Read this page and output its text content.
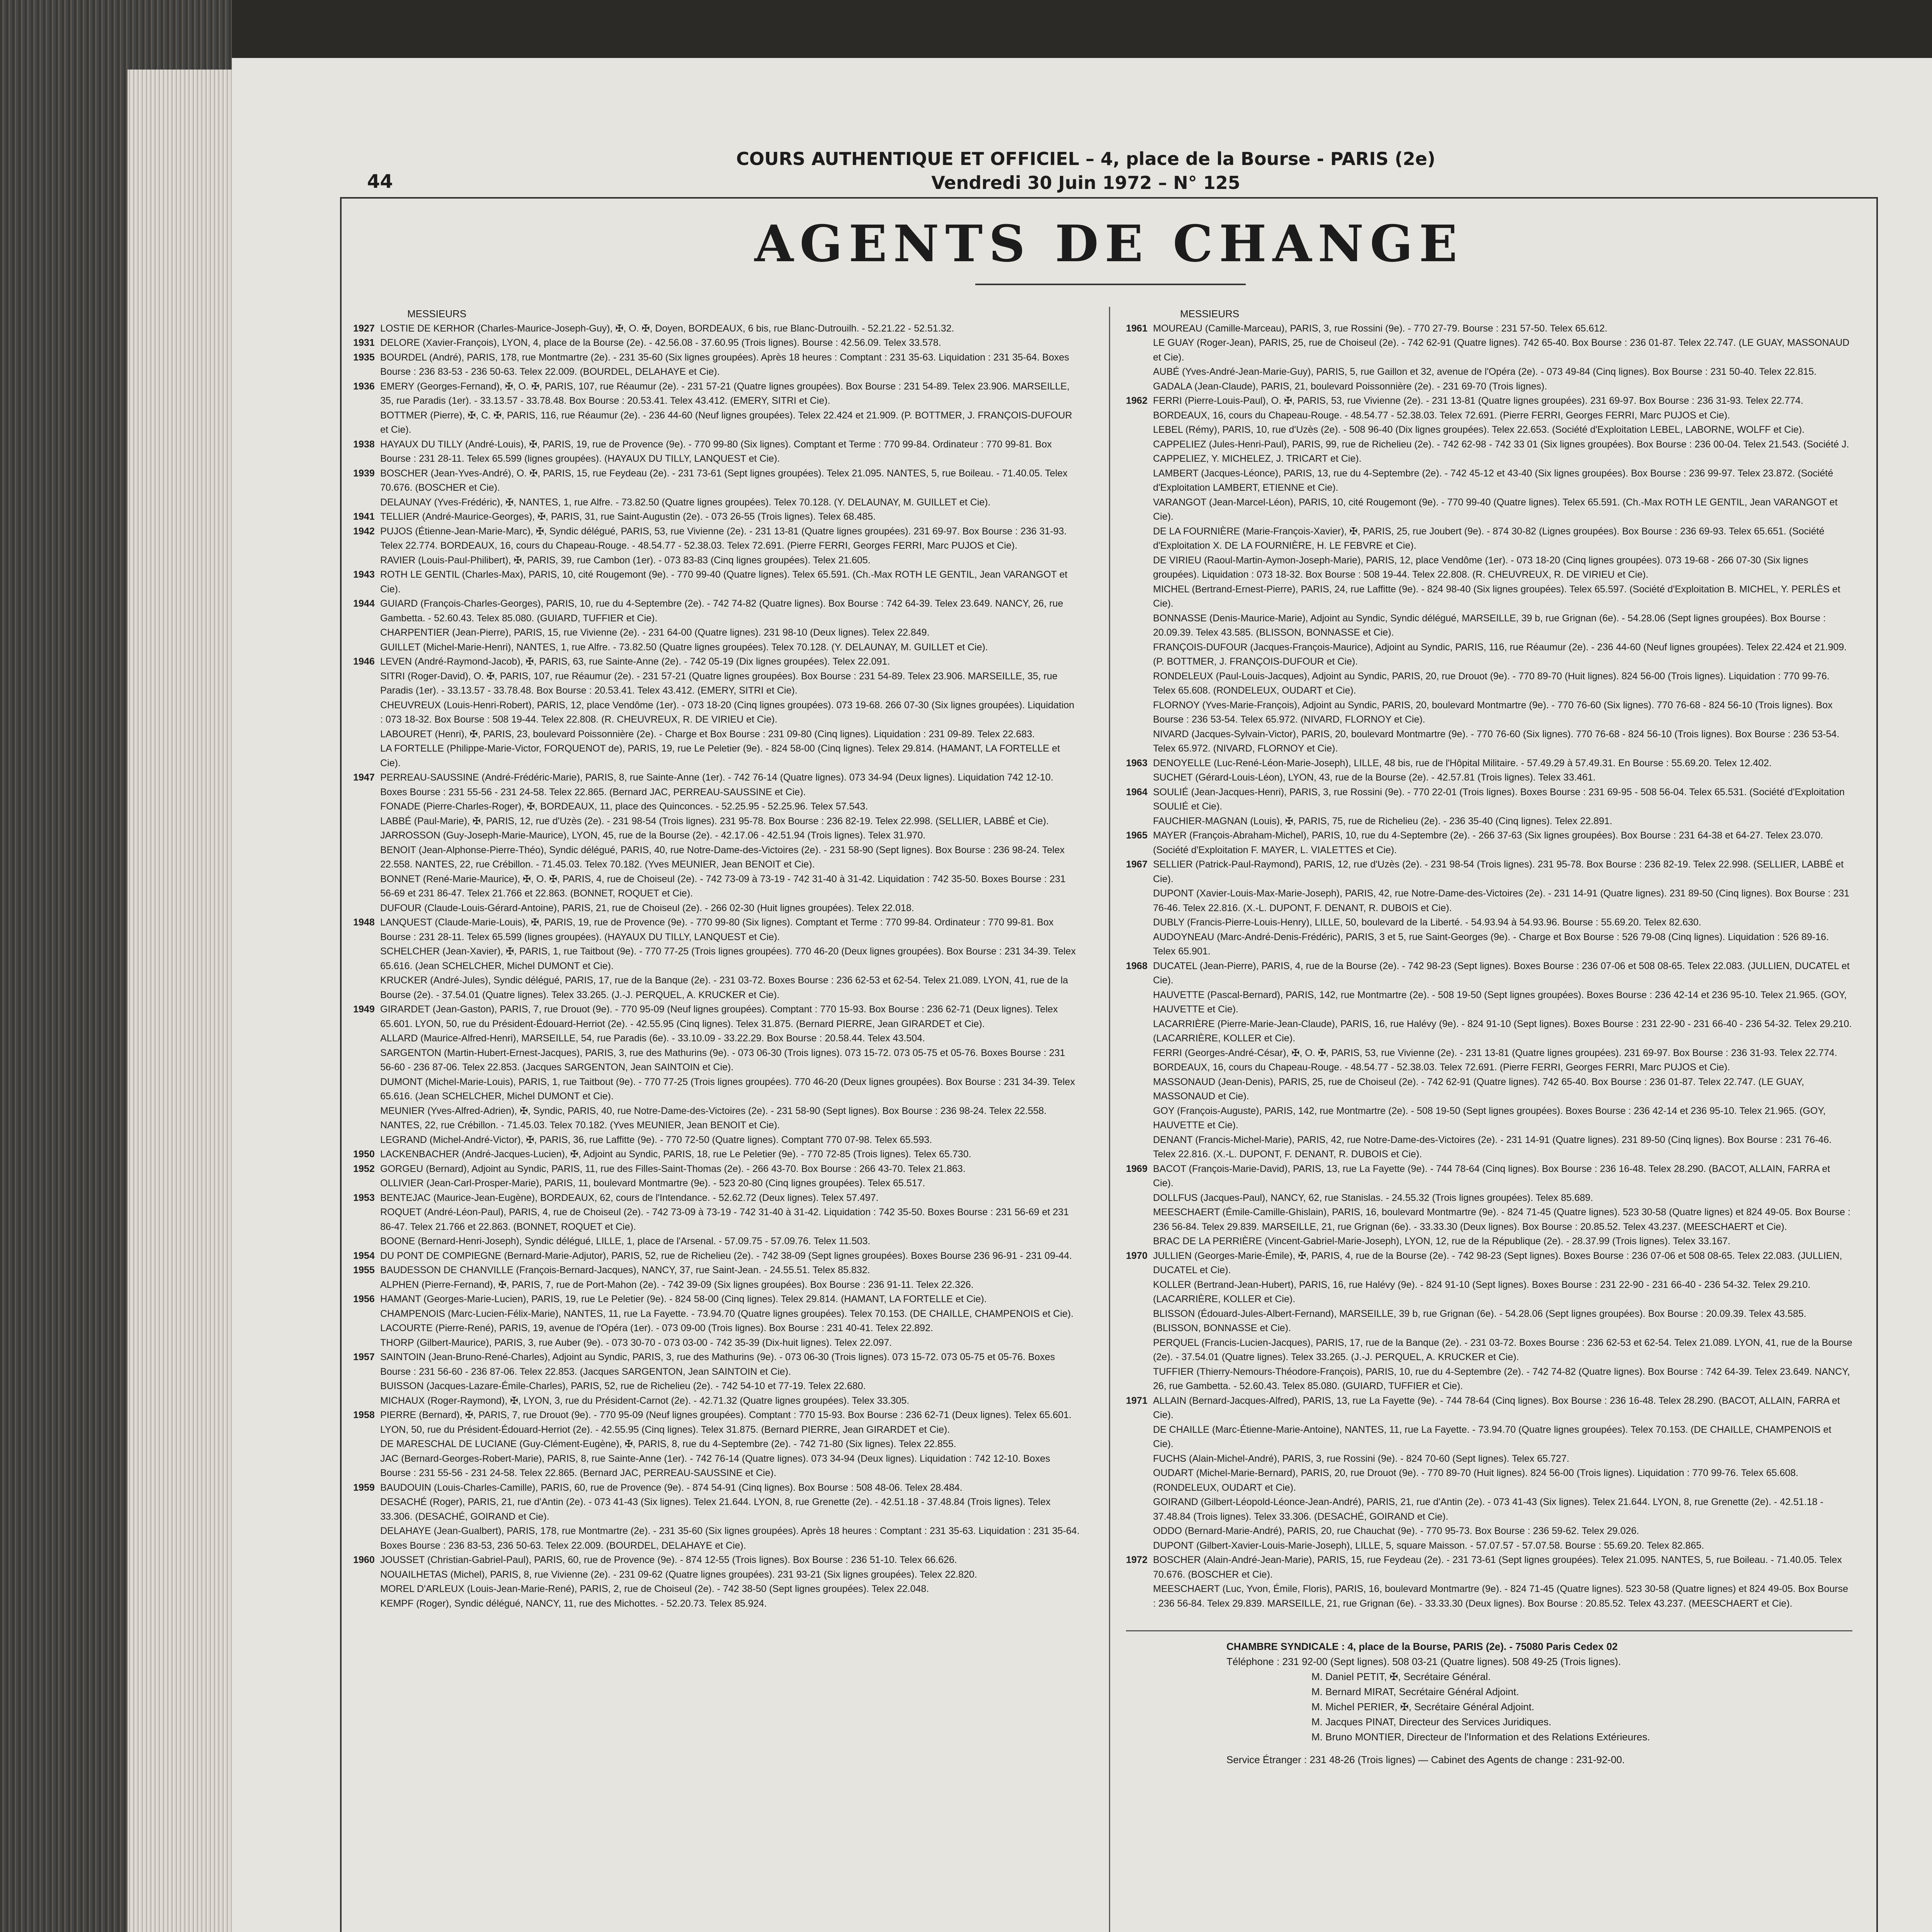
COURS AUTHENTIQUE ET OFFICIEL – 4, place de la Bourse - PARIS (2e)
Vendredi 30 Juin 1972 – N° 125
44
AGENTS DE CHANGE
MESSIEURS
1927 LOSTIE DE KERHOR (Charles-Maurice-Joseph-Guy), ✠, O. ✠, Doyen, BORDEAUX, 6 bis, rue Blanc-Dutrouilh. - 52.21.22 - 52.51.32.
1931 DELORE (Xavier-François), LYON, 4, place de la Bourse (2e). - 42.56.08 - 37.60.95 (Trois lignes). Bourse : 42.56.09. Telex 33.578.
1935 BOURDEL (André), PARIS, 178, rue Montmartre (2e). - 231 35-60 (Six lignes groupées). Après 18 heures : Comptant : 231 35-63. Liquidation : 231 35-64. Boxes Bourse : 236 83-53 - 236 50-63. Telex 22.009. (BOURDEL, DELAHAYE et Cie).
1936 EMERY (Georges-Fernand), ✠, O. ✠, PARIS, 107, rue Réaumur (2e). - 231 57-21 (Quatre lignes groupées). Box Bourse : 231 54-89. Telex 23.906. MARSEILLE, 35, rue Paradis (1er). - 33.13.57 - 33.78.48. Box Bourse : 20.53.41. Telex 43.412. (EMERY, SITRI et Cie).
BOTTMER (Pierre), ✠, C. ✠, PARIS, 116, rue Réaumur (2e). - 236 44-60 (Neuf lignes groupées). Telex 22.424 et 21.909. (P. BOTTMER, J. FRANÇOIS-DUFOUR et Cie).
1938 HAYAUX DU TILLY (André-Louis), ✠, PARIS, 19, rue de Provence (9e). - 770 99-80 (Six lignes). Comptant et Terme : 770 99-84. Ordinateur : 770 99-81. Box Bourse : 231 28-11. Telex 65.599 (lignes groupées). (HAYAUX DU TILLY, LANQUEST et Cie).
1939 BOSCHER (Jean-Yves-André), O. ✠, PARIS, 15, rue Feydeau (2e). - 231 73-61 (Sept lignes groupées). Telex 21.095. NANTES, 5, rue Boileau. - 71.40.05. Telex 70.676. (BOSCHER et Cie).
DELAUNAY (Yves-Frédéric), ✠, NANTES, 1, rue Alfre. - 73.82.50 (Quatre lignes groupées). Telex 70.128. (Y. DELAUNAY, M. GUILLET et Cie).
1941 TELLIER (André-Maurice-Georges), ✠, PARIS, 31, rue Saint-Augustin (2e). - 073 26-55 (Trois lignes). Telex 68.485.
1942 PUJOS (Étienne-Jean-Marie-Marc), ✠, Syndic délégué, PARIS, 53, rue Vivienne (2e). - 231 13-81 (Quatre lignes groupées). 231 69-97. Box Bourse : 236 31-93. Telex 22.774. BORDEAUX, 16, cours du Chapeau-Rouge. - 48.54.77 - 52.38.03. Telex 72.691. (Pierre FERRI, Georges FERRI, Marc PUJOS et Cie).
RAVIER (Louis-Paul-Philibert), ✠, PARIS, 39, rue Cambon (1er). - 073 83-83 (Cinq lignes groupées). Telex 21.605.
1943 ROTH LE GENTIL (Charles-Max), PARIS, 10, cité Rougemont (9e). - 770 99-40 (Quatre lignes). Telex 65.591. (Ch.-Max ROTH LE GENTIL, Jean VARANGOT et Cie).
1944 GUIARD (François-Charles-Georges), PARIS, 10, rue du 4-Septembre (2e). - 742 74-82 (Quatre lignes). Box Bourse : 742 64-39. Telex 23.649. NANCY, 26, rue Gambetta. - 52.60.43. Telex 85.080. (GUIARD, TUFFIER et Cie).
CHARPENTIER (Jean-Pierre), PARIS, 15, rue Vivienne (2e). - 231 64-00 (Quatre lignes). 231 98-10 (Deux lignes). Telex 22.849.
GUILLET (Michel-Marie-Henri), NANTES, 1, rue Alfre. - 73.82.50 (Quatre lignes groupées). Telex 70.128. (Y. DELAUNAY, M. GUILLET et Cie).
1946 LEVEN (André-Raymond-Jacob), ✠, PARIS, 63, rue Sainte-Anne (2e). - 742 05-19 (Dix lignes groupées). Telex 22.091.
SITRI (Roger-David), O. ✠, PARIS, 107, rue Réaumur (2e). - 231 57-21 (Quatre lignes groupées). Box Bourse : 231 54-89. Telex 23.906. MARSEILLE, 35, rue Paradis (1er). - 33.13.57 - 33.78.48. Box Bourse : 20.53.41. Telex 43.412. (EMERY, SITRI et Cie).
CHEUVREUX (Louis-Henri-Robert), PARIS, 12, place Vendôme (1er). - 073 18-20 (Cinq lignes groupées). 073 19-68. 266 07-30 (Six lignes groupées). Liquidation : 073 18-32. Box Bourse : 508 19-44. Telex 22.808. (R. CHEUVREUX, R. DE VIRIEU et Cie).
LABOURET (Henri), ✠, PARIS, 23, boulevard Poissonnière (2e). - Charge et Box Bourse : 231 09-80 (Cinq lignes). Liquidation : 231 09-89. Telex 22.683.
LA FORTELLE (Philippe-Marie-Victor, FORQUENOT de), PARIS, 19, rue Le Peletier (9e). - 824 58-00 (Cinq lignes). Telex 29.814. (HAMANT, LA FORTELLE et Cie).
1947 PERREAU-SAUSSINE (André-Frédéric-Marie), PARIS, 8, rue Sainte-Anne (1er). - 742 76-14 (Quatre lignes). 073 34-94 (Deux lignes). Liquidation 742 12-10. Boxes Bourse : 231 55-56 - 231 24-58. Telex 22.865. (Bernard JAC, PERREAU-SAUSSINE et Cie).
FONADE (Pierre-Charles-Roger), ✠, BORDEAUX, 11, place des Quinconces. - 52.25.95 - 52.25.96. Telex 57.543.
LABBÉ (Paul-Marie), ✠, PARIS, 12, rue d'Uzès (2e). - 231 98-54 (Trois lignes). 231 95-78. Box Bourse : 236 82-19. Telex 22.998. (SELLIER, LABBÉ et Cie).
JARROSSON (Guy-Joseph-Marie-Maurice), LYON, 45, rue de la Bourse (2e). - 42.17.06 - 42.51.94 (Trois lignes). Telex 31.970.
BENOIT (Jean-Alphonse-Pierre-Théo), Syndic délégué, PARIS, 40, rue Notre-Dame-des-Victoires (2e). - 231 58-90 (Sept lignes). Box Bourse : 236 98-24. Telex 22.558. NANTES, 22, rue Crébillon. - 71.45.03. Telex 70.182. (Yves MEUNIER, Jean BENOIT et Cie).
BONNET (René-Marie-Maurice), ✠, O. ✠, PARIS, 4, rue de Choiseul (2e). - 742 73-09 à 73-19 - 742 31-40 à 31-42. Liquidation : 742 35-50. Boxes Bourse : 231 56-69 et 231 86-47. Telex 21.766 et 22.863. (BONNET, ROQUET et Cie).
DUFOUR (Claude-Louis-Gérard-Antoine), PARIS, 21, rue de Choiseul (2e). - 266 02-30 (Huit lignes groupées). Telex 22.018.
1948 LANQUEST (Claude-Marie-Louis), ✠, PARIS, 19, rue de Provence (9e). - 770 99-80 (Six lignes). Comptant et Terme : 770 99-84. Ordinateur : 770 99-81. Box Bourse : 231 28-11. Telex 65.599 (lignes groupées). (HAYAUX DU TILLY, LANQUEST et Cie).
SCHELCHER (Jean-Xavier), ✠, PARIS, 1, rue Taitbout (9e). - 770 77-25 (Trois lignes groupées). 770 46-20 (Deux lignes groupées). Box Bourse : 231 34-39. Telex 65.616. (Jean SCHELCHER, Michel DUMONT et Cie).
KRUCKER (André-Jules), Syndic délégué, PARIS, 17, rue de la Banque (2e). - 231 03-72. Boxes Bourse : 236 62-53 et 62-54. Telex 21.089. LYON, 41, rue de la Bourse (2e). - 37.54.01 (Quatre lignes). Telex 33.265. (J.-J. PERQUEL, A. KRUCKER et Cie).
1949 GIRARDET (Jean-Gaston), PARIS, 7, rue Drouot (9e). - 770 95-09 (Neuf lignes groupées). Comptant : 770 15-93. Box Bourse : 236 62-71 (Deux lignes). Telex 65.601. LYON, 50, rue du Président-Édouard-Herriot (2e). - 42.55.95 (Cinq lignes). Telex 31.875. (Bernard PIERRE, Jean GIRARDET et Cie).
ALLARD (Maurice-Alfred-Henri), MARSEILLE, 54, rue Paradis (6e). - 33.10.09 - 33.22.29. Box Bourse : 20.58.44. Telex 43.504.
SARGENTON (Martin-Hubert-Ernest-Jacques), PARIS, 3, rue des Mathurins (9e). - 073 06-30 (Trois lignes). 073 15-72. 073 05-75 et 05-76. Boxes Bourse : 231 56-60 - 236 87-06. Telex 22.853. (Jacques SARGENTON, Jean SAINTOIN et Cie).
DUMONT (Michel-Marie-Louis), PARIS, 1, rue Taitbout (9e). - 770 77-25 (Trois lignes groupées). 770 46-20 (Deux lignes groupées). Box Bourse : 231 34-39. Telex 65.616. (Jean SCHELCHER, Michel DUMONT et Cie).
MEUNIER (Yves-Alfred-Adrien), ✠, Syndic, PARIS, 40, rue Notre-Dame-des-Victoires (2e). - 231 58-90 (Sept lignes). Box Bourse : 236 98-24. Telex 22.558. NANTES, 22, rue Crébillon. - 71.45.03. Telex 70.182. (Yves MEUNIER, Jean BENOIT et Cie).
LEGRAND (Michel-André-Victor), ✠, PARIS, 36, rue Laffitte (9e). - 770 72-50 (Quatre lignes). Comptant 770 07-98. Telex 65.593.
1950 LACKENBACHER (André-Jacques-Lucien), ✠, Adjoint au Syndic, PARIS, 18, rue Le Peletier (9e). - 770 72-85 (Trois lignes). Telex 65.730.
1952 GORGEU (Bernard), Adjoint au Syndic, PARIS, 11, rue des Filles-Saint-Thomas (2e). - 266 43-70. Box Bourse : 266 43-70. Telex 21.863.
OLLIVIER (Jean-Carl-Prosper-Marie), PARIS, 11, boulevard Montmartre (9e). - 523 20-80 (Cinq lignes groupées). Telex 65.517.
1953 BENTEJAC (Maurice-Jean-Eugène), BORDEAUX, 62, cours de l'Intendance. - 52.62.72 (Deux lignes). Telex 57.497.
ROQUET (André-Léon-Paul), PARIS, 4, rue de Choiseul (2e). - 742 73-09 à 73-19 - 742 31-40 à 31-42. Liquidation : 742 35-50. Boxes Bourse : 231 56-69 et 231 86-47. Telex 21.766 et 22.863. (BONNET, ROQUET et Cie).
BOONE (Bernard-Henri-Joseph), Syndic délégué, LILLE, 1, place de l'Arsenal. - 57.09.75 - 57.09.76. Telex 11.503.
1954 DU PONT DE COMPIEGNE (Bernard-Marie-Adjutor), PARIS, 52, rue de Richelieu (2e). - 742 38-09 (Sept lignes groupées). Boxes Bourse 236 96-91 - 231 09-44.
1955 BAUDESSON DE CHANVILLE (François-Bernard-Jacques), NANCY, 37, rue Saint-Jean. - 24.55.51. Telex 85.832.
ALPHEN (Pierre-Fernand), ✠, PARIS, 7, rue de Port-Mahon (2e). - 742 39-09 (Six lignes groupées). Box Bourse : 236 91-11. Telex 22.326.
1956 HAMANT (Georges-Marie-Lucien), PARIS, 19, rue Le Peletier (9e). - 824 58-00 (Cinq lignes). Telex 29.814. (HAMANT, LA FORTELLE et Cie).
CHAMPENOIS (Marc-Lucien-Félix-Marie), NANTES, 11, rue La Fayette. - 73.94.70 (Quatre lignes groupées). Telex 70.153. (DE CHAILLE, CHAMPENOIS et Cie).
LACOURTE (Pierre-René), PARIS, 19, avenue de l'Opéra (1er). - 073 09-00 (Trois lignes). Box Bourse : 231 40-41. Telex 22.892.
THORP (Gilbert-Maurice), PARIS, 3, rue Auber (9e). - 073 30-70 - 073 03-00 - 742 35-39 (Dix-huit lignes). Telex 22.097.
1957 SAINTOIN (Jean-Bruno-René-Charles), Adjoint au Syndic, PARIS, 3, rue des Mathurins (9e). - 073 06-30 (Trois lignes). 073 15-72. 073 05-75 et 05-76. Boxes Bourse : 231 56-60 - 236 87-06. Telex 22.853. (Jacques SARGENTON, Jean SAINTOIN et Cie).
BUISSON (Jacques-Lazare-Émile-Charles), PARIS, 52, rue de Richelieu (2e). - 742 54-10 et 77-19. Telex 22.680.
MICHAUX (Roger-Raymond), ✠, LYON, 3, rue du Président-Carnot (2e). - 42.71.32 (Quatre lignes groupées). Telex 33.305.
1958 PIERRE (Bernard), ✠, PARIS, 7, rue Drouot (9e). - 770 95-09 (Neuf lignes groupées). Comptant : 770 15-93. Box Bourse : 236 62-71 (Deux lignes). Telex 65.601. LYON, 50, rue du Président-Édouard-Herriot (2e). - 42.55.95 (Cinq lignes). Telex 31.875. (Bernard PIERRE, Jean GIRARDET et Cie).
DE MARESCHAL DE LUCIANE (Guy-Clément-Eugène), ✠, PARIS, 8, rue du 4-Septembre (2e). - 742 71-80 (Six lignes). Telex 22.855.
JAC (Bernard-Georges-Robert-Marie), PARIS, 8, rue Sainte-Anne (1er). - 742 76-14 (Quatre lignes). 073 34-94 (Deux lignes). Liquidation : 742 12-10. Boxes Bourse : 231 55-56 - 231 24-58. Telex 22.865. (Bernard JAC, PERREAU-SAUSSINE et Cie).
1959 BAUDOUIN (Louis-Charles-Camille), PARIS, 60, rue de Provence (9e). - 874 54-91 (Cinq lignes). Box Bourse : 508 48-06. Telex 28.484.
DESACHÉ (Roger), PARIS, 21, rue d'Antin (2e). - 073 41-43 (Six lignes). Telex 21.644. LYON, 8, rue Grenette (2e). - 42.51.18 - 37.48.84 (Trois lignes). Telex 33.306. (DESACHÉ, GOIRAND et Cie).
DELAHAYE (Jean-Gualbert), PARIS, 178, rue Montmartre (2e). - 231 35-60 (Six lignes groupées). Après 18 heures : Comptant : 231 35-63. Liquidation : 231 35-64. Boxes Bourse : 236 83-53, 236 50-63. Telex 22.009. (BOURDEL, DELAHAYE et Cie).
1960 JOUSSET (Christian-Gabriel-Paul), PARIS, 60, rue de Provence (9e). - 874 12-55 (Trois lignes). Box Bourse : 236 51-10. Telex 66.626.
NOUAILHETAS (Michel), PARIS, 8, rue Vivienne (2e). - 231 09-62 (Quatre lignes groupées). 231 93-21 (Six lignes groupées). Telex 22.820.
MOREL D'ARLEUX (Louis-Jean-Marie-René), PARIS, 2, rue de Choiseul (2e). - 742 38-50 (Sept lignes groupées). Telex 22.048.
KEMPF (Roger), Syndic délégué, NANCY, 11, rue des Michottes. - 52.20.73. Telex 85.924.
MESSIEURS
1961 MOUREAU (Camille-Marceau), PARIS, 3, rue Rossini (9e). - 770 27-79. Bourse : 231 57-50. Telex 65.612.
LE GUAY (Roger-Jean), PARIS, 25, rue de Choiseul (2e). - 742 62-91 (Quatre lignes). 742 65-40. Box Bourse : 236 01-87. Telex 22.747. (LE GUAY, MASSONAUD et Cie).
AUBÉ (Yves-André-Jean-Marie-Guy), PARIS, 5, rue Gaillon et 32, avenue de l'Opéra (2e). - 073 49-84 (Cinq lignes). Box Bourse : 231 50-40. Telex 22.815.
GADALA (Jean-Claude), PARIS, 21, boulevard Poissonnière (2e). - 231 69-70 (Trois lignes).
1962 FERRI (Pierre-Louis-Paul), O. ✠, PARIS, 53, rue Vivienne (2e). - 231 13-81 (Quatre lignes groupées). 231 69-97. Box Bourse : 236 31-93. Telex 22.774. BORDEAUX, 16, cours du Chapeau-Rouge. - 48.54.77 - 52.38.03. Telex 72.691. (Pierre FERRI, Georges FERRI, Marc PUJOS et Cie).
LEBEL (Rémy), PARIS, 10, rue d'Uzès (2e). - 508 96-40 (Dix lignes groupées). Telex 22.653. (Société d'Exploitation LEBEL, LABORNE, WOLFF et Cie).
CAPPELIEZ (Jules-Henri-Paul), PARIS, 99, rue de Richelieu (2e). - 742 62-98 - 742 33 01 (Six lignes groupées). Box Bourse : 236 00-04. Telex 21.543. (Société J. CAPPELIEZ, Y. MICHELEZ, J. TRICART et Cie).
LAMBERT (Jacques-Léonce), PARIS, 13, rue du 4-Septembre (2e). - 742 45-12 et 43-40 (Six lignes groupées). Box Bourse : 236 99-97. Telex 23.872. (Société d'Exploitation LAMBERT, ETIENNE et Cie).
VARANGOT (Jean-Marcel-Léon), PARIS, 10, cité Rougemont (9e). - 770 99-40 (Quatre lignes). Telex 65.591. (Ch.-Max ROTH LE GENTIL, Jean VARANGOT et Cie).
DE LA FOURNIÈRE (Marie-François-Xavier), ✠, PARIS, 25, rue Joubert (9e). - 874 30-82 (Lignes groupées). Box Bourse : 236 69-93. Telex 65.651. (Société d'Exploitation X. DE LA FOURNIÈRE, H. LE FEBVRE et Cie).
DE VIRIEU (Raoul-Martin-Aymon-Joseph-Marie), PARIS, 12, place Vendôme (1er). - 073 18-20 (Cinq lignes groupées). 073 19-68 - 266 07-30 (Six lignes groupées). Liquidation : 073 18-32. Box Bourse : 508 19-44. Telex 22.808. (R. CHEUVREUX, R. DE VIRIEU et Cie).
MICHEL (Bertrand-Ernest-Pierre), PARIS, 24, rue Laffitte (9e). - 824 98-40 (Six lignes groupées). Telex 65.597. (Société d'Exploitation B. MICHEL, Y. PERLÈS et Cie).
BONNASSE (Denis-Maurice-Marie), Adjoint au Syndic, Syndic délégué, MARSEILLE, 39 b, rue Grignan (6e). - 54.28.06 (Sept lignes groupées). Box Bourse : 20.09.39. Telex 43.585. (BLISSON, BONNASSE et Cie).
FRANÇOIS-DUFOUR (Jacques-François-Maurice), Adjoint au Syndic, PARIS, 116, rue Réaumur (2e). - 236 44-60 (Neuf lignes groupées). Telex 22.424 et 21.909. (P. BOTTMER, J. FRANÇOIS-DUFOUR et Cie).
RONDELEUX (Paul-Louis-Jacques), Adjoint au Syndic, PARIS, 20, rue Drouot (9e). - 770 89-70 (Huit lignes). 824 56-00 (Trois lignes). Liquidation : 770 99-76. Telex 65.608. (RONDELEUX, OUDART et Cie).
FLORNOY (Yves-Marie-François), Adjoint au Syndic, PARIS, 20, boulevard Montmartre (9e). - 770 76-60 (Six lignes). 770 76-68 - 824 56-10 (Trois lignes). Box Bourse : 236 53-54. Telex 65.972. (NIVARD, FLORNOY et Cie).
NIVARD (Jacques-Sylvain-Victor), PARIS, 20, boulevard Montmartre (9e). - 770 76-60 (Six lignes). 770 76-68 - 824 56-10 (Trois lignes). Box Bourse : 236 53-54. Telex 65.972. (NIVARD, FLORNOY et Cie).
1963 DENOYELLE (Luc-René-Léon-Marie-Joseph), LILLE, 48 bis, rue de l'Hôpital Militaire. - 57.49.29 à 57.49.31. En Bourse : 55.69.20. Telex 12.402.
SUCHET (Gérard-Louis-Léon), LYON, 43, rue de la Bourse (2e). - 42.57.81 (Trois lignes). Telex 33.461.
1964 SOULIÉ (Jean-Jacques-Henri), PARIS, 3, rue Rossini (9e). - 770 22-01 (Trois lignes). Boxes Bourse : 231 69-95 - 508 56-04. Telex 65.531. (Société d'Exploitation SOULIÉ et Cie).
FAUCHIER-MAGNAN (Louis), ✠, PARIS, 75, rue de Richelieu (2e). - 236 35-40 (Cinq lignes). Telex 22.891.
1965 MAYER (François-Abraham-Michel), PARIS, 10, rue du 4-Septembre (2e). - 266 37-63 (Six lignes groupées). Box Bourse : 231 64-38 et 64-27. Telex 23.070. (Société d'Exploitation F. MAYER, L. VIALETTES et Cie).
1967 SELLIER (Patrick-Paul-Raymond), PARIS, 12, rue d'Uzès (2e). - 231 98-54 (Trois lignes). 231 95-78. Box Bourse : 236 82-19. Telex 22.998. (SELLIER, LABBÉ et Cie).
DUPONT (Xavier-Louis-Max-Marie-Joseph), PARIS, 42, rue Notre-Dame-des-Victoires (2e). - 231 14-91 (Quatre lignes). 231 89-50 (Cinq lignes). Box Bourse : 231 76-46. Telex 22.816. (X.-L. DUPONT, F. DENANT, R. DUBOIS et Cie).
DUBLY (Francis-Pierre-Louis-Henry), LILLE, 50, boulevard de la Liberté. - 54.93.94 à 54.93.96. Bourse : 55.69.20. Telex 82.630.
AUDOYNEAU (Marc-André-Denis-Frédéric), PARIS, 3 et 5, rue Saint-Georges (9e). - Charge et Box Bourse : 526 79-08 (Cinq lignes). Liquidation : 526 89-16. Telex 65.901.
1968 DUCATEL (Jean-Pierre), PARIS, 4, rue de la Bourse (2e). - 742 98-23 (Sept lignes). Boxes Bourse : 236 07-06 et 508 08-65. Telex 22.083. (JULLIEN, DUCATEL et Cie).
HAUVETTE (Pascal-Bernard), PARIS, 142, rue Montmartre (2e). - 508 19-50 (Sept lignes groupées). Boxes Bourse : 236 42-14 et 236 95-10. Telex 21.965. (GOY, HAUVETTE et Cie).
LACARRIÈRE (Pierre-Marie-Jean-Claude), PARIS, 16, rue Halévy (9e). - 824 91-10 (Sept lignes). Boxes Bourse : 231 22-90 - 231 66-40 - 236 54-32. Telex 29.210. (LACARRIÈRE, KOLLER et Cie).
FERRI (Georges-André-César), ✠, O. ✠, PARIS, 53, rue Vivienne (2e). - 231 13-81 (Quatre lignes groupées). 231 69-97. Box Bourse : 236 31-93. Telex 22.774. BORDEAUX, 16, cours du Chapeau-Rouge. - 48.54.77 - 52.38.03. Telex 72.691. (Pierre FERRI, Georges FERRI, Marc PUJOS et Cie).
MASSONAUD (Jean-Denis), PARIS, 25, rue de Choiseul (2e). - 742 62-91 (Quatre lignes). 742 65-40. Box Bourse : 236 01-87. Telex 22.747. (LE GUAY, MASSONAUD et Cie).
GOY (François-Auguste), PARIS, 142, rue Montmartre (2e). - 508 19-50 (Sept lignes groupées). Boxes Bourse : 236 42-14 et 236 95-10. Telex 21.965. (GOY, HAUVETTE et Cie).
DENANT (Francis-Michel-Marie), PARIS, 42, rue Notre-Dame-des-Victoires (2e). - 231 14-91 (Quatre lignes). 231 89-50 (Cinq lignes). Box Bourse : 231 76-46. Telex 22.816. (X.-L. DUPONT, F. DENANT, R. DUBOIS et Cie).
1969 BACOT (François-Marie-David), PARIS, 13, rue La Fayette (9e). - 744 78-64 (Cinq lignes). Box Bourse : 236 16-48. Telex 28.290. (BACOT, ALLAIN, FARRA et Cie).
DOLLFUS (Jacques-Paul), NANCY, 62, rue Stanislas. - 24.55.32 (Trois lignes groupées). Telex 85.689.
MEESCHAERT (Émile-Camille-Ghislain), PARIS, 16, boulevard Montmartre (9e). - 824 71-45 (Quatre lignes). 523 30-58 (Quatre lignes) et 824 49-05. Box Bourse : 236 56-84. Telex 29.839. MARSEILLE, 21, rue Grignan (6e). - 33.33.30 (Deux lignes). Box Bourse : 20.85.52. Telex 43.237. (MEESCHAERT et Cie).
BRAC DE LA PERRIÈRE (Vincent-Gabriel-Marie-Joseph), LYON, 12, rue de la République (2e). - 28.37.99 (Trois lignes). Telex 33.167.
1970 JULLIEN (Georges-Marie-Émile), ✠, PARIS, 4, rue de la Bourse (2e). - 742 98-23 (Sept lignes). Boxes Bourse : 236 07-06 et 508 08-65. Telex 22.083. (JULLIEN, DUCATEL et Cie).
KOLLER (Bertrand-Jean-Hubert), PARIS, 16, rue Halévy (9e). - 824 91-10 (Sept lignes). Boxes Bourse : 231 22-90 - 231 66-40 - 236 54-32. Telex 29.210. (LACARRIÈRE, KOLLER et Cie).
BLISSON (Édouard-Jules-Albert-Fernand), MARSEILLE, 39 b, rue Grignan (6e). - 54.28.06 (Sept lignes groupées). Box Bourse : 20.09.39. Telex 43.585. (BLISSON, BONNASSE et Cie).
PERQUEL (Francis-Lucien-Jacques), PARIS, 17, rue de la Banque (2e). - 231 03-72. Boxes Bourse : 236 62-53 et 62-54. Telex 21.089. LYON, 41, rue de la Bourse (2e). - 37.54.01 (Quatre lignes). Telex 33.265. (J.-J. PERQUEL, A. KRUCKER et Cie).
TUFFIER (Thierry-Nemours-Théodore-François), PARIS, 10, rue du 4-Septembre (2e). - 742 74-82 (Quatre lignes). Box Bourse : 742 64-39. Telex 23.649. NANCY, 26, rue Gambetta. - 52.60.43. Telex 85.080. (GUIARD, TUFFIER et Cie).
1971 ALLAIN (Bernard-Jacques-Alfred), PARIS, 13, rue La Fayette (9e). - 744 78-64 (Cinq lignes). Box Bourse : 236 16-48. Telex 28.290. (BACOT, ALLAIN, FARRA et Cie).
DE CHAILLE (Marc-Étienne-Marie-Antoine), NANTES, 11, rue La Fayette. - 73.94.70 (Quatre lignes groupées). Telex 70.153. (DE CHAILLE, CHAMPENOIS et Cie).
FUCHS (Alain-Michel-André), PARIS, 3, rue Rossini (9e). - 824 70-60 (Sept lignes). Telex 65.727.
OUDART (Michel-Marie-Bernard), PARIS, 20, rue Drouot (9e). - 770 89-70 (Huit lignes). 824 56-00 (Trois lignes). Liquidation : 770 99-76. Telex 65.608. (RONDELEUX, OUDART et Cie).
GOIRAND (Gilbert-Léopold-Léonce-Jean-André), PARIS, 21, rue d'Antin (2e). - 073 41-43 (Six lignes). Telex 21.644. LYON, 8, rue Grenette (2e). - 42.51.18 - 37.48.84 (Trois lignes). Telex 33.306. (DESACHÉ, GOIRAND et Cie).
ODDO (Bernard-Marie-André), PARIS, 20, rue Chauchat (9e). - 770 95-73. Box Bourse : 236 59-62. Telex 29.026.
DUPONT (Gilbert-Xavier-Louis-Marie-Joseph), LILLE, 5, square Maisson. - 57.07.57 - 57.07.58. Bourse : 55.69.20. Telex 82.865.
1972 BOSCHER (Alain-André-Jean-Marie), PARIS, 15, rue Feydeau (2e). - 231 73-61 (Sept lignes groupées). Telex 21.095. NANTES, 5, rue Boileau. - 71.40.05. Telex 70.676. (BOSCHER et Cie).
MEESCHAERT (Luc, Yvon, Émile, Floris), PARIS, 16, boulevard Montmartre (9e). - 824 71-45 (Quatre lignes). 523 30-58 (Quatre lignes) et 824 49-05. Box Bourse : 236 56-84. Telex 29.839. MARSEILLE, 21, rue Grignan (6e). - 33.33.30 (Deux lignes). Box Bourse : 20.85.52. Telex 43.237. (MEESCHAERT et Cie).
CHAMBRE SYNDICALE : 4, place de la Bourse, PARIS (2e). - 75080 Paris Cedex 02
Téléphone : 231 92-00 (Sept lignes). 508 03-21 (Quatre lignes). 508 49-25 (Trois lignes).
M. Daniel PETIT, ✠, Secrétaire Général.
M. Bernard MIRAT, Secrétaire Général Adjoint.
M. Michel PERIER, ✠, Secrétaire Général Adjoint.
M. Jacques PINAT, Directeur des Services Juridiques.
M. Bruno MONTIER, Directeur de l'Information et des Relations Extérieures.
Service Étranger : 231 48-26 (Trois lignes) — Cabinet des Agents de change : 231-92-00.
